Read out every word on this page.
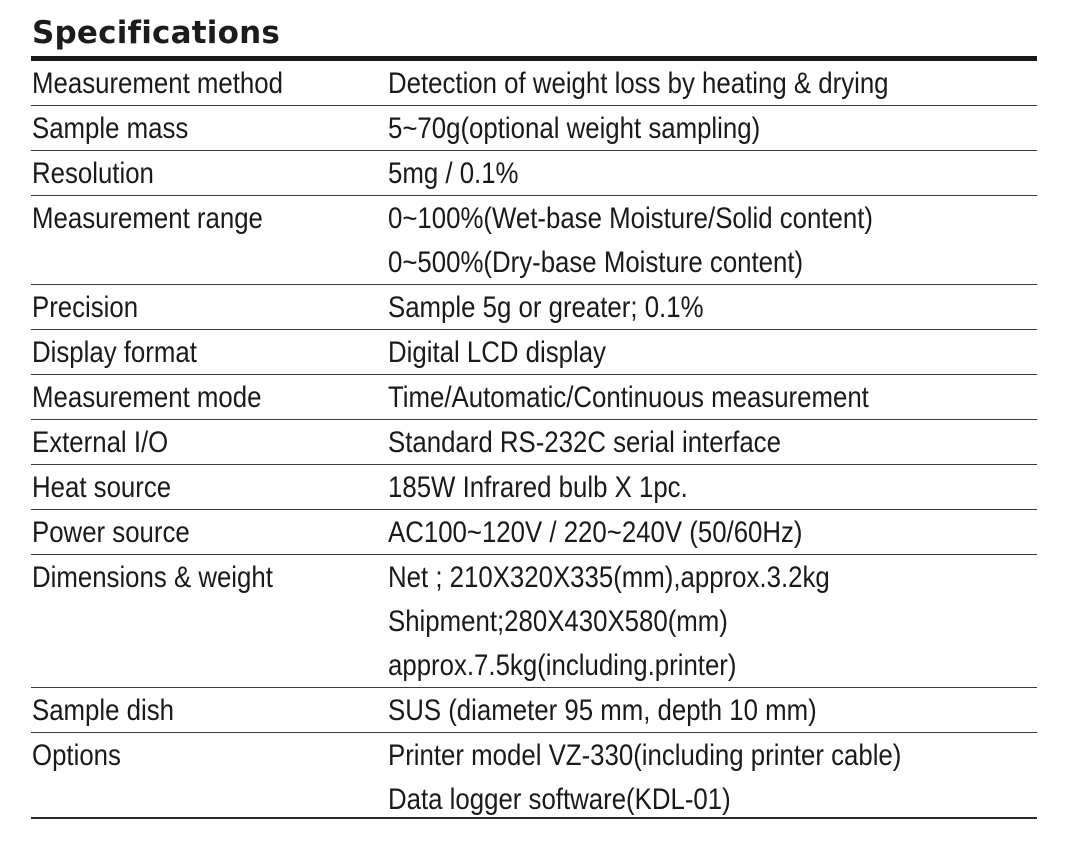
Specifications
Measurement method	Detection of weight loss by heating & drying
Sample mass	5~70g(optional weight sampling)
Resolution	5mg / 0.1%
Measurement range	0~100%(Wet-base Moisture/Solid content)
0~500%(Dry-base Moisture content)
Precision	Sample 5g or greater; 0.1%
Display format	Digital LCD display
Measurement mode	Time/Automatic/Continuous measurement
External I/O	Standard RS-232C serial interface
Heat source	185W Infrared bulb X 1pc.
Power source	AC100~120V / 220~240V (50/60Hz)
Dimensions & weight	Net ; 210X320X335(mm),approx.3.2kg
Shipment;280X430X580(mm)
approx.7.5kg(including.printer)
Sample dish	SUS (diameter 95 mm, depth 10 mm)
Options	Printer model VZ-330(including printer cable)
Data logger software(KDL-01)
